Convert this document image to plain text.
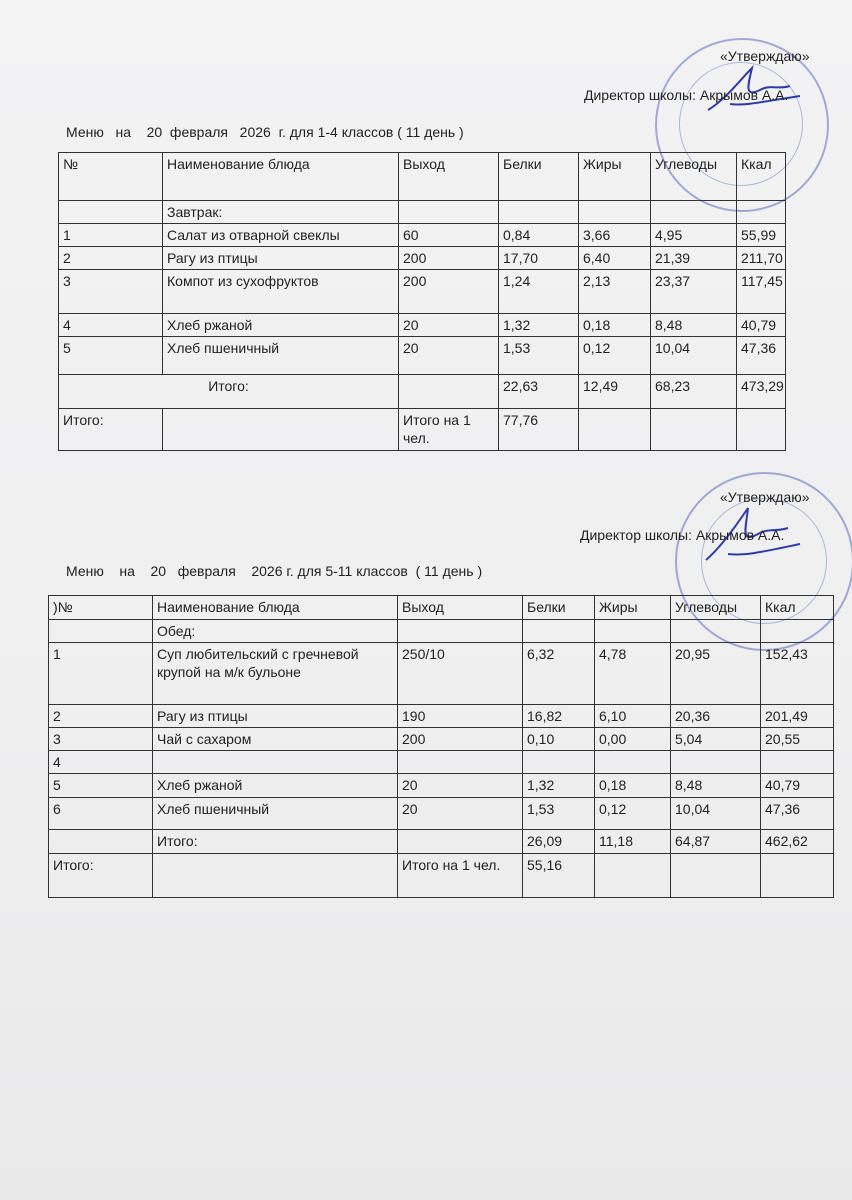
«Утверждаю»
Директор школы: Акрымов А.А.
Меню   на    20  февраля   2026  г. для 1-4 классов ( 11 день )
№	Наименование блюда	Выход	Белки	Жиры	Углеводы	Ккал
	Завтрак:					
1	Салат из отварной свеклы	60	0,84	3,66	4,95	55,99
2	Рагу из птицы	200	17,70	6,40	21,39	211,70
3	Компот из сухофруктов	200	1,24	2,13	23,37	117,45
4	Хлеб ржаной	20	1,32	0,18	8,48	40,79
5	Хлеб пшеничный	20	1,53	0,12	10,04	47,36
Итого:			22,63	12,49	68,23	473,29
Итого:		Итого на 1 чел.	77,76			
«Утверждаю»
Директор школы: Акрымов А.А.
Меню    на    20   февраля    2026 г. для 5-11 классов  ( 11 день )
)№	Наименование блюда	Выход	Белки	Жиры	Углеводы	Ккал
	Обед:					
1	Суп любительский с гречневой крупой на м/к бульоне	250/10	6,32	4,78	20,95	152,43
2	Рагу из птицы	190	16,82	6,10	20,36	201,49
3	Чай с сахаром	200	0,10	0,00	5,04	20,55
4						
5	Хлеб ржаной	20	1,32	0,18	8,48	40,79
6	Хлеб пшеничный	20	1,53	0,12	10,04	47,36
	Итого:		26,09	11,18	64,87	462,62
Итого:		Итого на 1 чел.	55,16			
